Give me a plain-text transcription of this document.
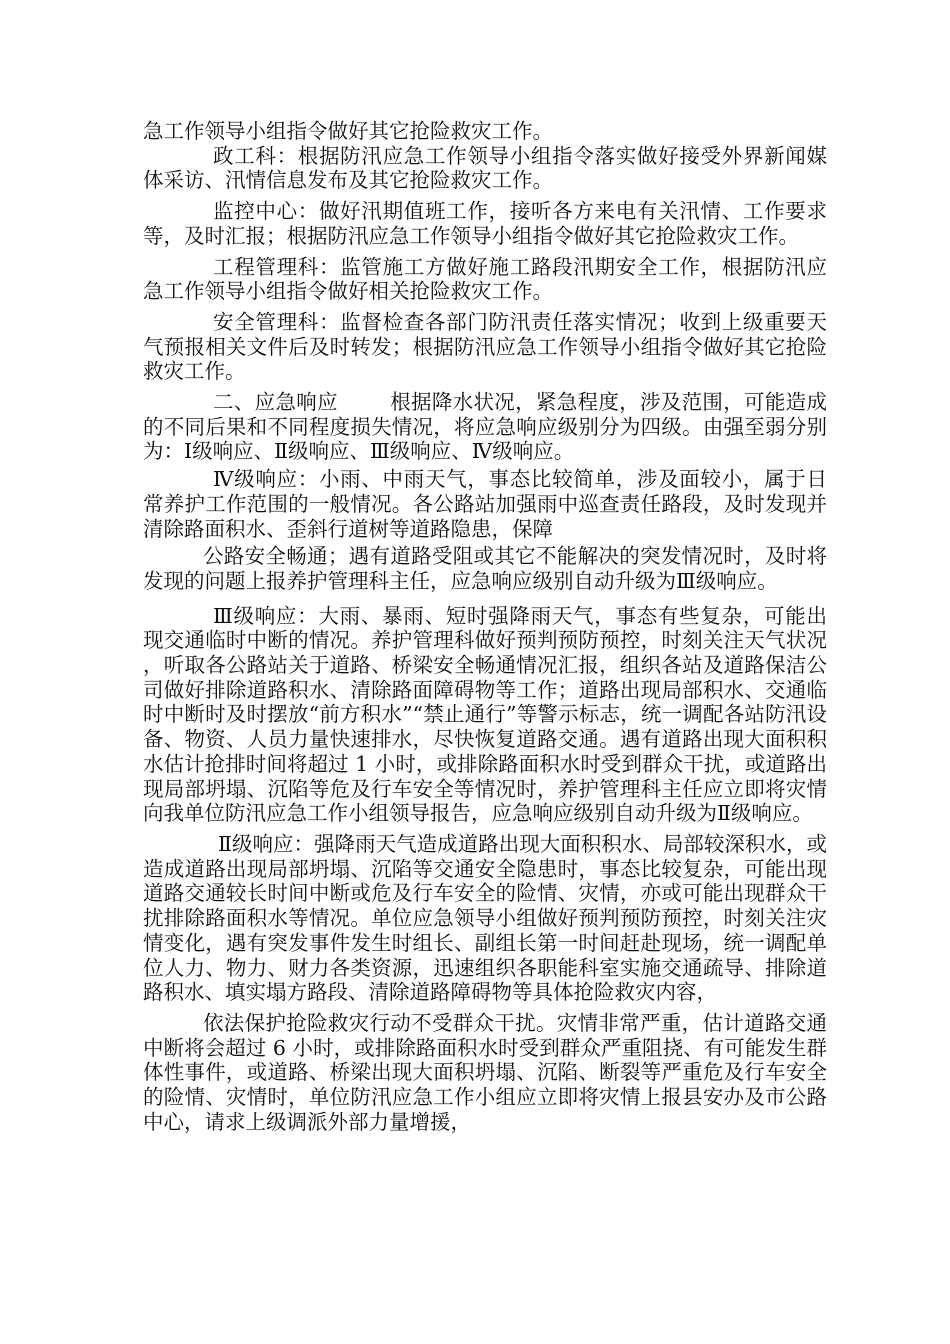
急工作领导小组指令做好其它抢险救灾工作。

政工科：根据防汛应急工作领导小组指令落实做好接受外界新闻媒体采访、汛情信息发布及其它抢险救灾工作。

监控中心：做好汛期值班工作，接听各方来电有关汛情、工作要求等，及时汇报；根据防汛应急工作领导小组指令做好其它抢险救灾工作。

工程管理科：监管施工方做好施工路段汛期安全工作，根据防汛应急工作领导小组指令做好相关抢险救灾工作。

安全管理科：监督检查各部门防汛责任落实情况；收到上级重要天气预报相关文件后及时转发；根据防汛应急工作领导小组指令做好其它抢险救灾工作。

二、应急响应	根据降水状况，紧急程度，涉及范围，可能造成的不同后果和不同程度损失情况，将应急响应级别分为四级。由强至弱分别为：Ⅰ级响应、Ⅱ级响应、Ⅲ级响应、Ⅳ级响应。

Ⅳ级响应：小雨、中雨天气，事态比较简单，涉及面较小，属于日常养护工作范围的一般情况。各公路站加强雨中巡查责任路段，及时发现并清除路面积水、歪斜行道树等道路隐患，保障

公路安全畅通；遇有道路受阻或其它不能解决的突发情况时，及时将发现的问题上报养护管理科主任，应急响应级别自动升级为Ⅲ级响应。

Ⅲ级响应：大雨、暴雨、短时强降雨天气，事态有些复杂，可能出现交通临时中断的情况。养护管理科做好预判预防预控，时刻关注天气状况，听取各公路站关于道路、桥梁安全畅通情况汇报，组织各站及道路保洁公司做好排除道路积水、清除路面障碍物等工作；道路出现局部积水、交通临时中断时及时摆放“前方积水”“禁止通行”等警示标志，统一调配各站防汛设备、物资、人员力量快速排水，尽快恢复道路交通。遇有道路出现大面积积水估计抢排时间将超过 1 小时，或排除路面积水时受到群众干扰，或道路出现局部坍塌、沉陷等危及行车安全等情况时，养护管理科主任应立即将灾情向我单位防汛应急工作小组领导报告，应急响应级别自动升级为Ⅱ级响应。

Ⅱ级响应：强降雨天气造成道路出现大面积积水、局部较深积水，或造成道路出现局部坍塌、沉陷等交通安全隐患时，事态比较复杂，可能出现道路交通较长时间中断或危及行车安全的险情、灾情，亦或可能出现群众干扰排除路面积水等情况。单位应急领导小组做好预判预防预控，时刻关注灾情变化，遇有突发事件发生时组长、副组长第一时间赶赴现场，统一调配单位人力、物力、财力各类资源，迅速组织各职能科室实施交通疏导、排除道路积水、填实塌方路段、清除道路障碍物等具体抢险救灾内容，

依法保护抢险救灾行动不受群众干扰。灾情非常严重，估计道路交通中断将会超过 6 小时，或排除路面积水时受到群众严重阻挠、有可能发生群体性事件，或道路、桥梁出现大面积坍塌、沉陷、断裂等严重危及行车安全的险情、灾情时，单位防汛应急工作小组应立即将灾情上报县安办及市公路中心，请求上级调派外部力量增援，
